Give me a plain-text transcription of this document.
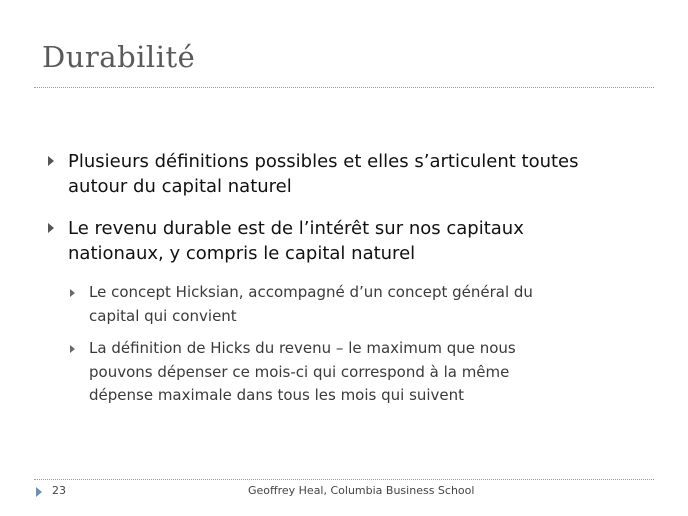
Durabilité
Plusieurs définitions possibles et elles s’articulent toutes
autour du capital naturel
Le revenu durable est de l’intérêt sur nos capitaux
nationaux, y compris le capital naturel
Le concept Hicksian, accompagné d’un concept général du
capital qui convient
La définition de Hicks du revenu – le maximum que nous
pouvons dépenser ce mois-ci qui correspond à la même
dépense maximale dans tous les mois qui suivent
23	Geoffrey Heal, Columbia Business School
